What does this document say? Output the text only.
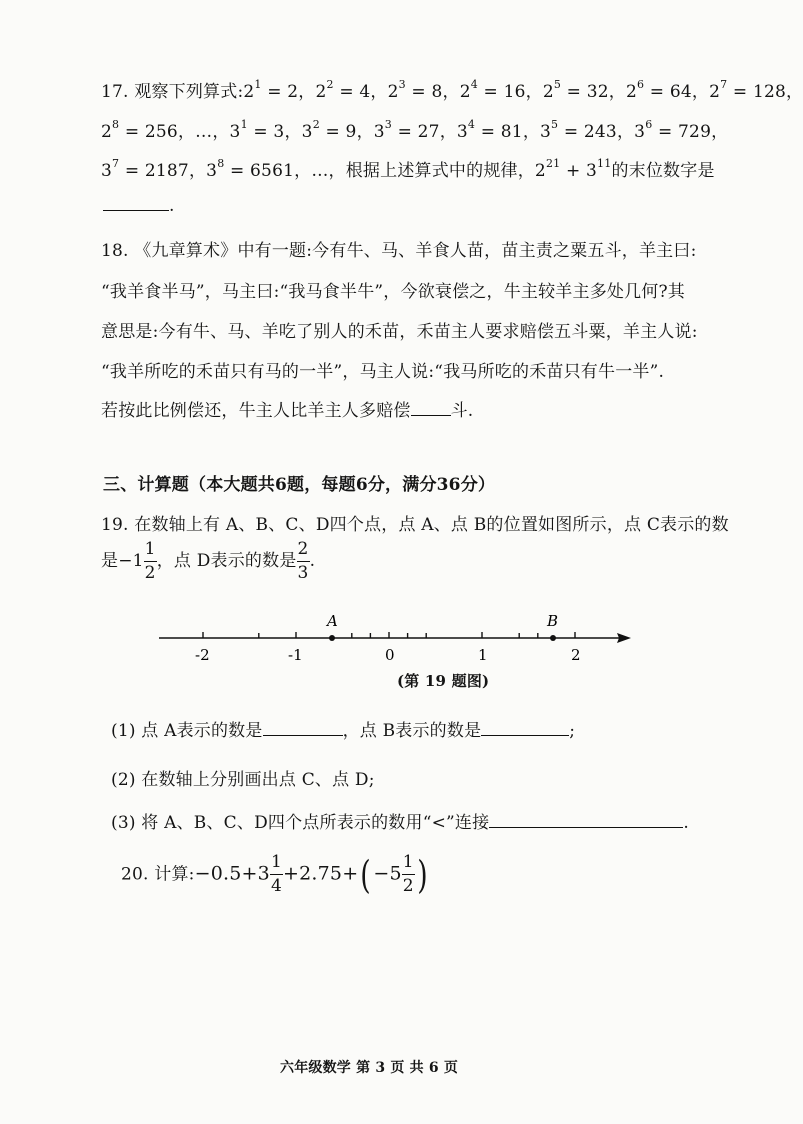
17. 观察下列算式$:2^1 = 2$，$2^2 = 4$，$2^3 = 8$，$2^4 = 16$，$2^5 = 32$，$2^6 = 64$，$2^7 = 128$，
$2^8 = 256$，…，$3^1 = 3$，$3^2 = 9$，$3^3 = 27$，$3^4 = 81$，$3^5 = 243$，$3^6 = 729$，
$3^7 = 2187$，$3^8 = 6561$，…，根据上述算式中的规律，$2^{21} + 3^{11}$的末位数字是
.
18. 《九章算术》中有一题:今有牛、马、羊食人苗，苗主责之粟五斗，羊主曰:
“我羊食半马”，马主曰:“我马食半牛”，今欲衰偿之，牛主较羊主多处几何?其
意思是:今有牛、马、羊吃了别人的禾苗，禾苗主人要求赔偿五斗粟，羊主人说:
“我羊所吃的禾苗只有马的一半”，马主人说:“我马所吃的禾苗只有牛一半”.
若按此比例偿还，牛主人比羊主人多赔偿 斗.
三、计算题（本大题共6题，每题6分，满分36分）
19. 在数轴上有 A、B、C、D四个点，点 A、点 B的位置如图所示，点 C表示的数
是$-1 \frac{1}{2}$ ，点 D表示的数是 $\frac{2}{3}$ .
A	B
-2	-1	0	1	2
(第 19 题图)
(1) 点 A表示的数是	，点 B表示的数是	;
(2) 在数轴上分别画出点 C、点 D;
(3) 将 A、B、C、D四个点所表示的数用“<”连接	.
20. 计算:−0.5+3 $\frac{1}{4} +2.75+( -5 \frac{1}{2}$ )
六年级数学 第 3 页 共 6 页
